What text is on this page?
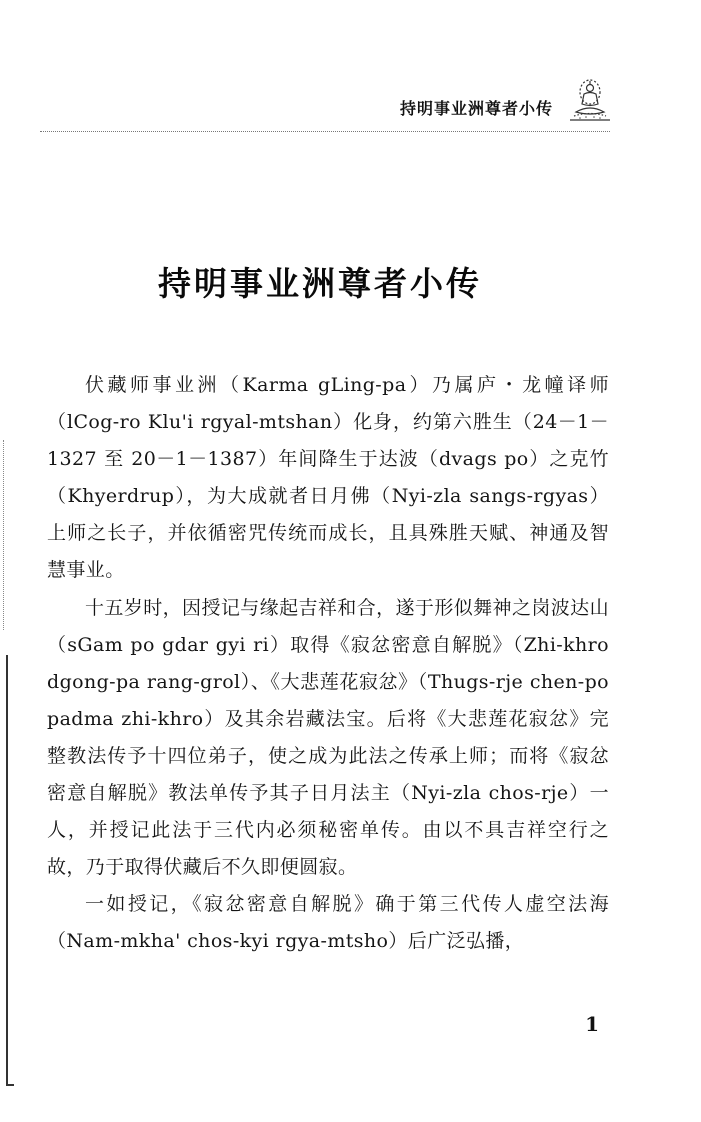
持明事业洲尊者小传
持明事业洲尊者小传

伏藏师事业洲（Karma gLing-pa）乃属庐・龙幢译师（lCog-ro Klu'i rgyal-mtshan）化身，约第六胜生（24－1－1327 至 20－1－1387）年间降生于达波（dvags po）之克竹（Khyerdrup），为大成就者日月佛（Nyi-zla sangs-rgyas）上师之长子，并依循密咒传统而成长，且具殊胜天赋、神通及智慧事业。

十五岁时，因授记与缘起吉祥和合，遂于形似舞神之岗波达山（sGam po gdar gyi ri）取得《寂忿密意自解脱》（Zhi-khro dgong-pa rang-grol）、《大悲莲花寂忿》（Thugs-rje chen-po padma zhi-khro）及其余岩藏法宝。后将《大悲莲花寂忿》完整教法传予十四位弟子，使之成为此法之传承上师；而将《寂忿密意自解脱》教法单传予其子日月法主（Nyi-zla chos-rje）一人，并授记此法于三代内必须秘密单传。由以不具吉祥空行之故，乃于取得伏藏后不久即便圆寂。

一如授记，《寂忿密意自解脱》确于第三代传人虚空法海（Nam-mkha' chos-kyi rgya-mtsho）后广泛弘播，

1
